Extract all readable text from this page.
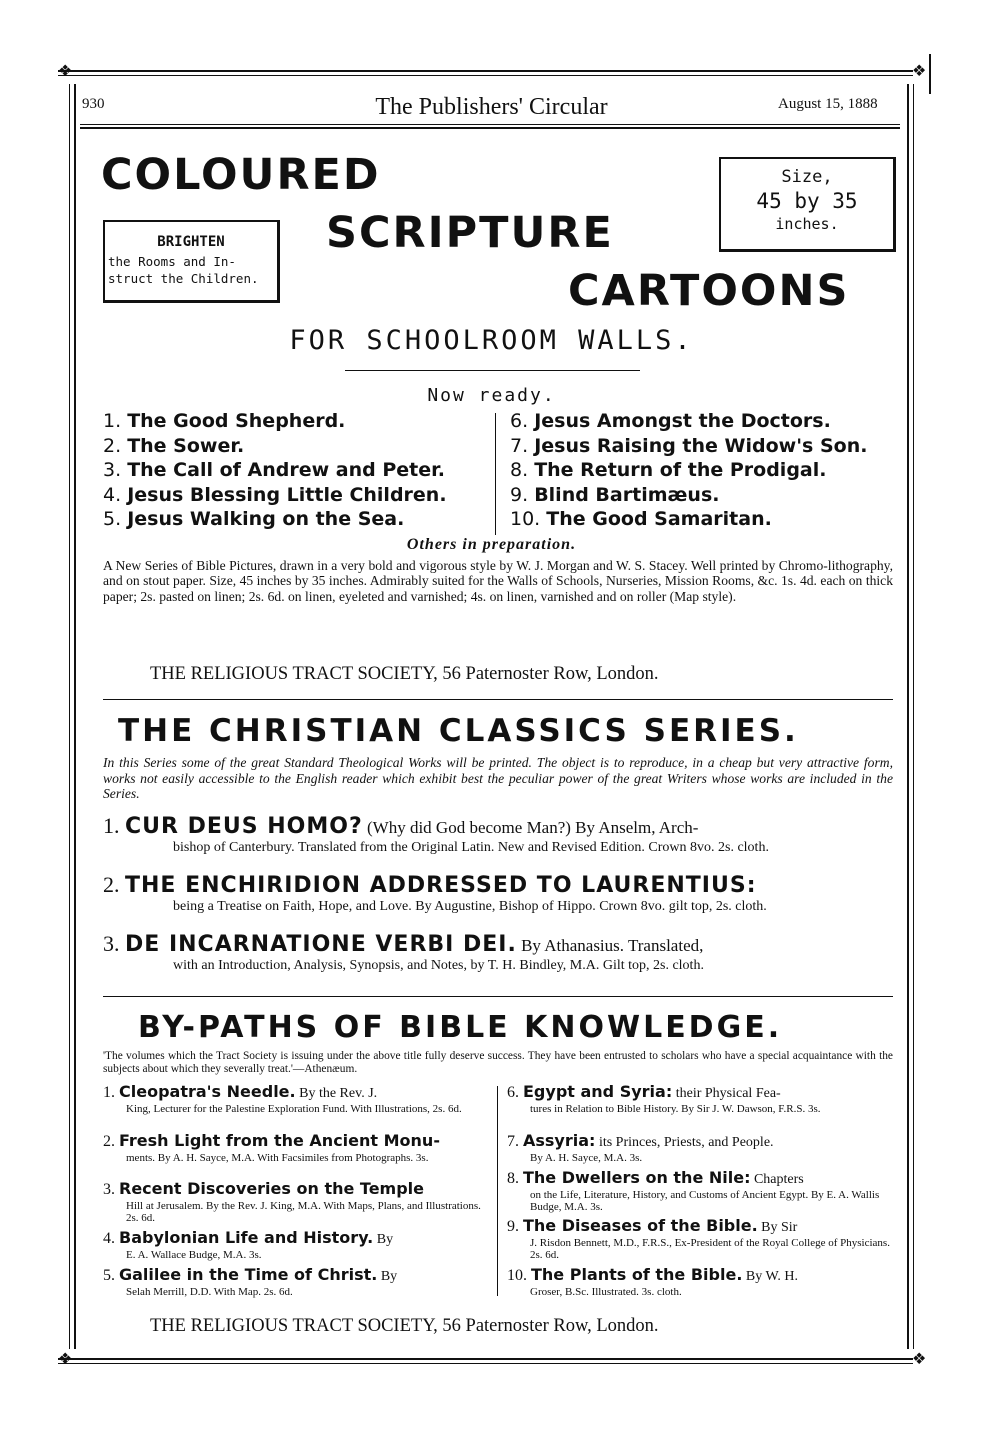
❖	❖
❖	❖
930	The Publishers' Circular	August 15, 1888
COLOURED
SCRIPTURE
CARTOONS
Size,
45 by 35
inches.
BRIGHTEN
the Rooms and In-
struct the Children.
FOR SCHOOLROOM WALLS.
Now ready.
1. The Good Shepherd.
2. The Sower.
3. The Call of Andrew and Peter.
4. Jesus Blessing Little Children.
5. Jesus Walking on the Sea.
6. Jesus Amongst the Doctors.
7. Jesus Raising the Widow's Son.
8. The Return of the Prodigal.
9. Blind Bartimæus.
10. The Good Samaritan.
Others in preparation.
A New Series of Bible Pictures, drawn in a very bold and vigorous style by W. J. Morgan and W. S. Stacey. Well printed by Chromo-lithography, and on stout paper. Size, 45 inches by 35 inches. Admirably suited for the Walls of Schools, Nurseries, Mission Rooms, &c. 1s. 4d. each on thick paper; 2s. pasted on linen; 2s. 6d. on linen, eyeleted and varnished; 4s. on linen, varnished and on roller (Map style).
THE RELIGIOUS TRACT SOCIETY, 56 Paternoster Row, London.
THE CHRISTIAN CLASSICS SERIES.
In this Series some of the great Standard Theological Works will be printed. The object is to reproduce, in a cheap but very attractive form, works not easily accessible to the English reader which exhibit best the peculiar power of the great Writers whose works are included in the Series.
1. CUR DEUS HOMO? (Why did God become Man?) By Anselm, Arch-
bishop of Canterbury. Translated from the Original Latin. New and Revised Edition. Crown 8vo. 2s. cloth.
2. THE ENCHIRIDION ADDRESSED TO LAURENTIUS:
being a Treatise on Faith, Hope, and Love. By Augustine, Bishop of Hippo. Crown 8vo. gilt top, 2s. cloth.
3. DE INCARNATIONE VERBI DEI. By Athanasius. Translated,
with an Introduction, Analysis, Synopsis, and Notes, by T. H. Bindley, M.A. Gilt top, 2s. cloth.
BY-PATHS OF BIBLE KNOWLEDGE.
'The volumes which the Tract Society is issuing under the above title fully deserve success. They have been entrusted to scholars who have a special acquaintance with the subjects about which they severally treat.'—Athenæum.
1. Cleopatra's Needle. By the Rev. J.
King, Lecturer for the Palestine Exploration Fund. With Illustrations, 2s. 6d.
2. Fresh Light from the Ancient Monu-
ments. By A. H. Sayce, M.A. With Facsimiles from Photographs. 3s.
3. Recent Discoveries on the Temple
Hill at Jerusalem. By the Rev. J. King, M.A. With Maps, Plans, and Illustrations. 2s. 6d.
4. Babylonian Life and History. By
E. A. Wallace Budge, M.A. 3s.
5. Galilee in the Time of Christ. By
Selah Merrill, D.D. With Map. 2s. 6d.
6. Egypt and Syria: their Physical Fea-
tures in Relation to Bible History. By Sir J. W. Dawson, F.R.S. 3s.
7. Assyria: its Princes, Priests, and People.
By A. H. Sayce, M.A. 3s.
8. The Dwellers on the Nile: Chapters
on the Life, Literature, History, and Customs of Ancient Egypt. By E. A. Wallis Budge, M.A. 3s.
9. The Diseases of the Bible. By Sir
J. Risdon Bennett, M.D., F.R.S., Ex-President of the Royal College of Physicians. 2s. 6d.
10. The Plants of the Bible. By W. H.
Groser, B.Sc. Illustrated. 3s. cloth.
THE RELIGIOUS TRACT SOCIETY, 56 Paternoster Row, London.
